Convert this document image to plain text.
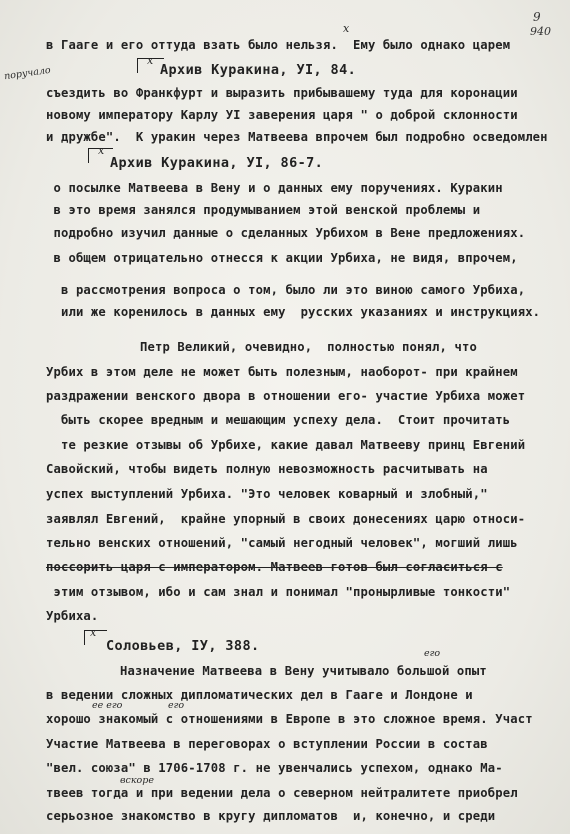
9
940
в Гааге и его оттуда взать было нельзя.  Ему было однако царем
х
х
Архив Куракина, УІ, 84.
поручало
съездить во Франкфурт и выразить прибывашему туда для коронации
новому императору Карлу УІ заверения царя " о доброй склонности
и дружбе".  К уракин через Матвеева впрочем был подробно осведомлен
х
Архив Куракина, УІ, 86-7.
о посылке Матвеева в Вену и о данных ему поручениях. Куракин
в это время занялся продумыванием этой венской проблемы и
подробно изучил данные о сделанных Урбихом в Вене предложениях.
в общем отрицательно отнесся к акции Урбиха, не видя, впрочем,
в рассмотрения вопроса о том, было ли это виною самого Урбиха,
или же коренилось в данных ему  русских указаниях и инструкциях.
Петр Великий, очевидно,  полностью понял, что
Урбих в этом деле не может быть полезным, наоборот- при крайнем
раздражении венского двора в отношении его- участие Урбиха может
быть скорее вредным и мешающим успеху дела.  Стоит прочитать
те резкие отзывы об Урбихе, какие давал Матвееву принц Евгений
Савойский, чтобы видеть полную невозможность расчитывать на
успех выступлений Урбиха. "Это человек коварный и злобный,"
заявлял Евгений,  крайне упорный в своих донесениях царю относи-
тельно венских отношений, "самый негодный человек", могший лишь
поссорить царя с императором. Матвеев готов был согласиться с
этим отзывом, ибо и сам знал и понимал "пронырливые тонкости"
Урбиха.
х
Соловьев, IУ, 388.
Назначение Матвеева в Вену учитывало большой опыт
его
в ведении сложных дипломатических дел в Гааге и Лондоне и
ее его	его
хорошо знакомый с отношениями в Европе в это сложное время. Участ
Участие Матвеева в переговорах о вступлении России в состав
"вел. союза" в 1706-1708 г. не увенчались успехом, однако Ма-
вскоре
твеев тогда и при ведении дела о северном нейтралитете приобрел
серьозное знакомство в кругу дипломатов  и, конечно, и среди
